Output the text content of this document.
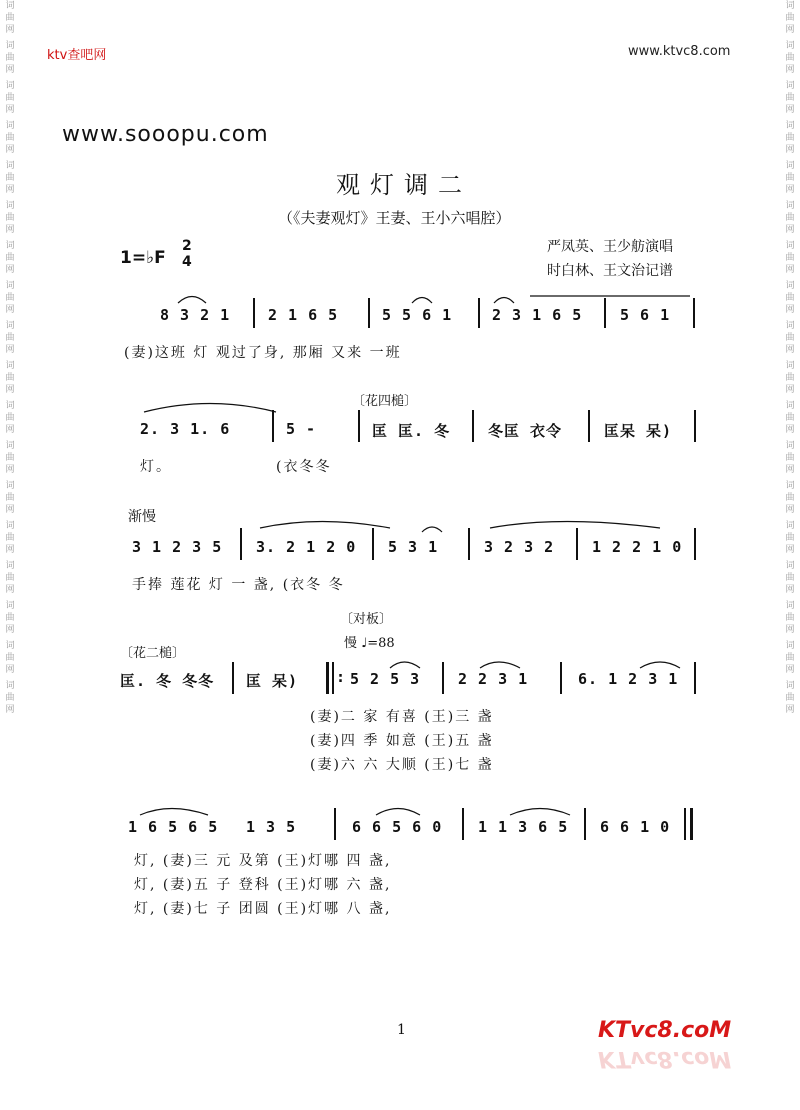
词
曲
网
词
曲
网
词
曲
网
词
曲
网
词
曲
网
词
曲
网
词
曲
网
词
曲
网
词
曲
网
词
曲
网
词
曲
网
词
曲
网
词
曲
网
词
曲
网
词
曲
网
词
曲
网
词
曲
网
词
曲
网
词
曲
网
词
曲
网
词
曲
网
词
曲
网
词
曲
网
词
曲
网
词
曲
网
词
曲
网
词
曲
网
词
曲
网
词
曲
网
词
曲
网
词
曲
网
词
曲
网
词
曲
网
词
曲
网
词
曲
网
词
曲
网
ktv查吧网	www.ktvc8.com
www.sooopu.com
观灯调二
（《夫妻观灯》王妻、王小六唱腔）
1=♭F
2
4
严凤英、王少舫演唱
时白林、王文治记谱
8 3 2 1	2 1 6 5	5 5 6 1	2 3 1 6 5	5 6 1
(妻)这班 灯 观过了身, 那厢 又来 一班
〔花四槌〕
2. 3 1. 6	5 -	匡 匡. 冬	冬匡 衣令	匡呆 呆)
灯。	(衣冬冬
渐慢
3 1 2 3 5 3. 2 1 2 0 5 3 1	3 2 3 2	1 2 2 1 0
手捧 莲花 灯 一 盏, (衣冬 冬
〔对板〕
慢 ♩=88
〔花二槌〕
匡. 冬 冬冬 匡 呆)	5 2 5 3	2 2 3 1	6. 1 2 3 1
:
(妻)二 家 有喜 (王)三 盏
(妻)四 季 如意 (王)五 盏
(妻)六 六 大顺 (王)七 盏
1 6 5 6 5 1 3 5	6 6 5 6 0 1 1 3 6 5 6 6 1 0
灯, (妻)三 元 及第 (王)灯哪 四 盏,
灯, (妻)五 子 登科 (王)灯哪 六 盏,
灯, (妻)七 子 团圆 (王)灯哪 八 盏,
1	KTvc8.coM
KTvc8.coM
